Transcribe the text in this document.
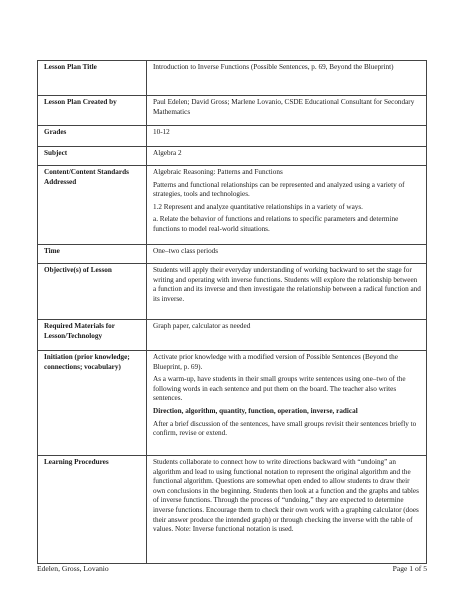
Lesson Plan Title	Introduction to Inverse Functions (Possible Sentences, p. 69, Beyond the Blueprint)

Lesson Plan Created by	Paul Edelen; David Gross; Marlene Lovanio, CSDE Educational Consultant for Secondary Mathematics

Grades	10-12

Subject	Algebra 2

Content/Content Standards Addressed	Algebraic Reasoning: Patterns and Functions

Patterns and functional relationships can be represented and analyzed using a variety of strategies, tools and technologies.

1.2 Represent and analyze quantitative relationships in a variety of ways.

a. Relate the behavior of functions and relations to specific parameters and determine functions to model real-world situations.

Time	One–two class periods

Objective(s) of Lesson	Students will apply their everyday understanding of working backward to set the stage for writing and operating with inverse functions. Students will explore the relationship between a function and its inverse and then investigate the relationship between a radical function and its inverse.

Required Materials for Lesson/Technology	Graph paper, calculator as needed

Initiation (prior knowledge; connections; vocabulary)	Activate prior knowledge with a modified version of Possible Sentences (Beyond the Blueprint, p. 69).

As a warm-up, have students in their small groups write sentences using one–two of the following words in each sentence and put them on the board. The teacher also writes sentences.

Direction, algorithm, quantity, function, operation, inverse, radical

After a brief discussion of the sentences, have small groups revisit their sentences briefly to confirm, revise or extend.

Learning Procedures	Students collaborate to connect how to write directions backward with “undoing” an algorithm and lead to using functional notation to represent the original algorithm and the functional algorithm. Questions are somewhat open ended to allow students to draw their own conclusions in the beginning. Students then look at a function and the graphs and tables of inverse functions. Through the process of “undoing,” they are expected to determine inverse functions. Encourage them to check their own work with a graphing calculator (does their answer produce the intended graph) or through checking the inverse with the table of values. Note: Inverse functional notation is used.

Edelen, Gross, Lovanio	Page 1 of 5
